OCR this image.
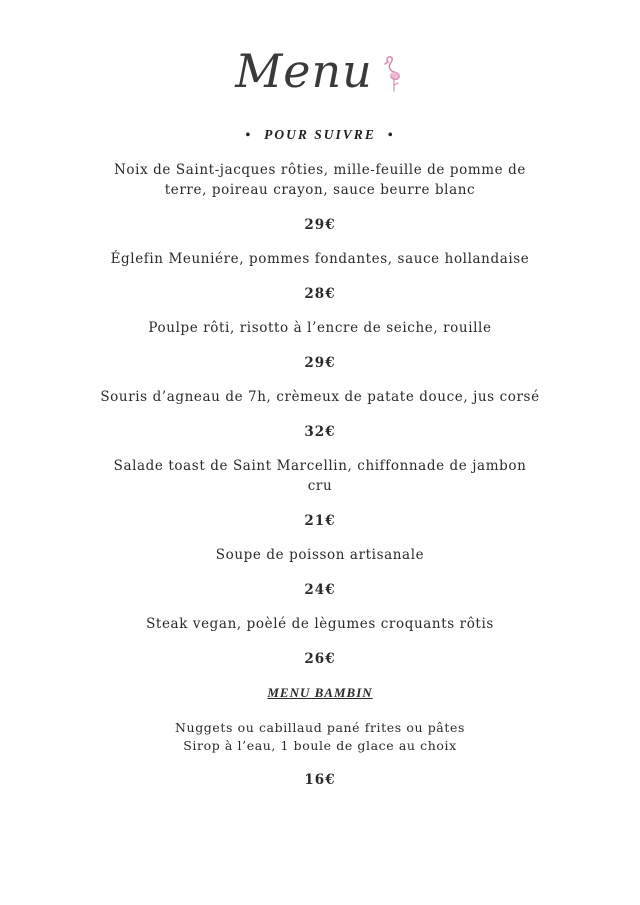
Menu
• POUR SUIVRE •

Noix de Saint-jacques rôties, mille-feuille de pomme de terre, poireau crayon, sauce beurre blanc

29€

Églefin Meuniére, pommes fondantes, sauce hollandaise

28€

Poulpe rôti, risotto à l’encre de seiche, rouille

29€

Souris d’agneau de 7h, crèmeux de patate douce, jus corsé

32€

Salade toast de Saint Marcellin, chiffonnade de jambon cru

21€

Soupe de poisson artisanale

24€

Steak vegan, poèlé de lègumes croquants rôtis

26€

MENU BAMBIN

Nuggets ou cabillaud pané frites ou pâtes

Sirop à l’eau, 1 boule de glace au choix

16€
